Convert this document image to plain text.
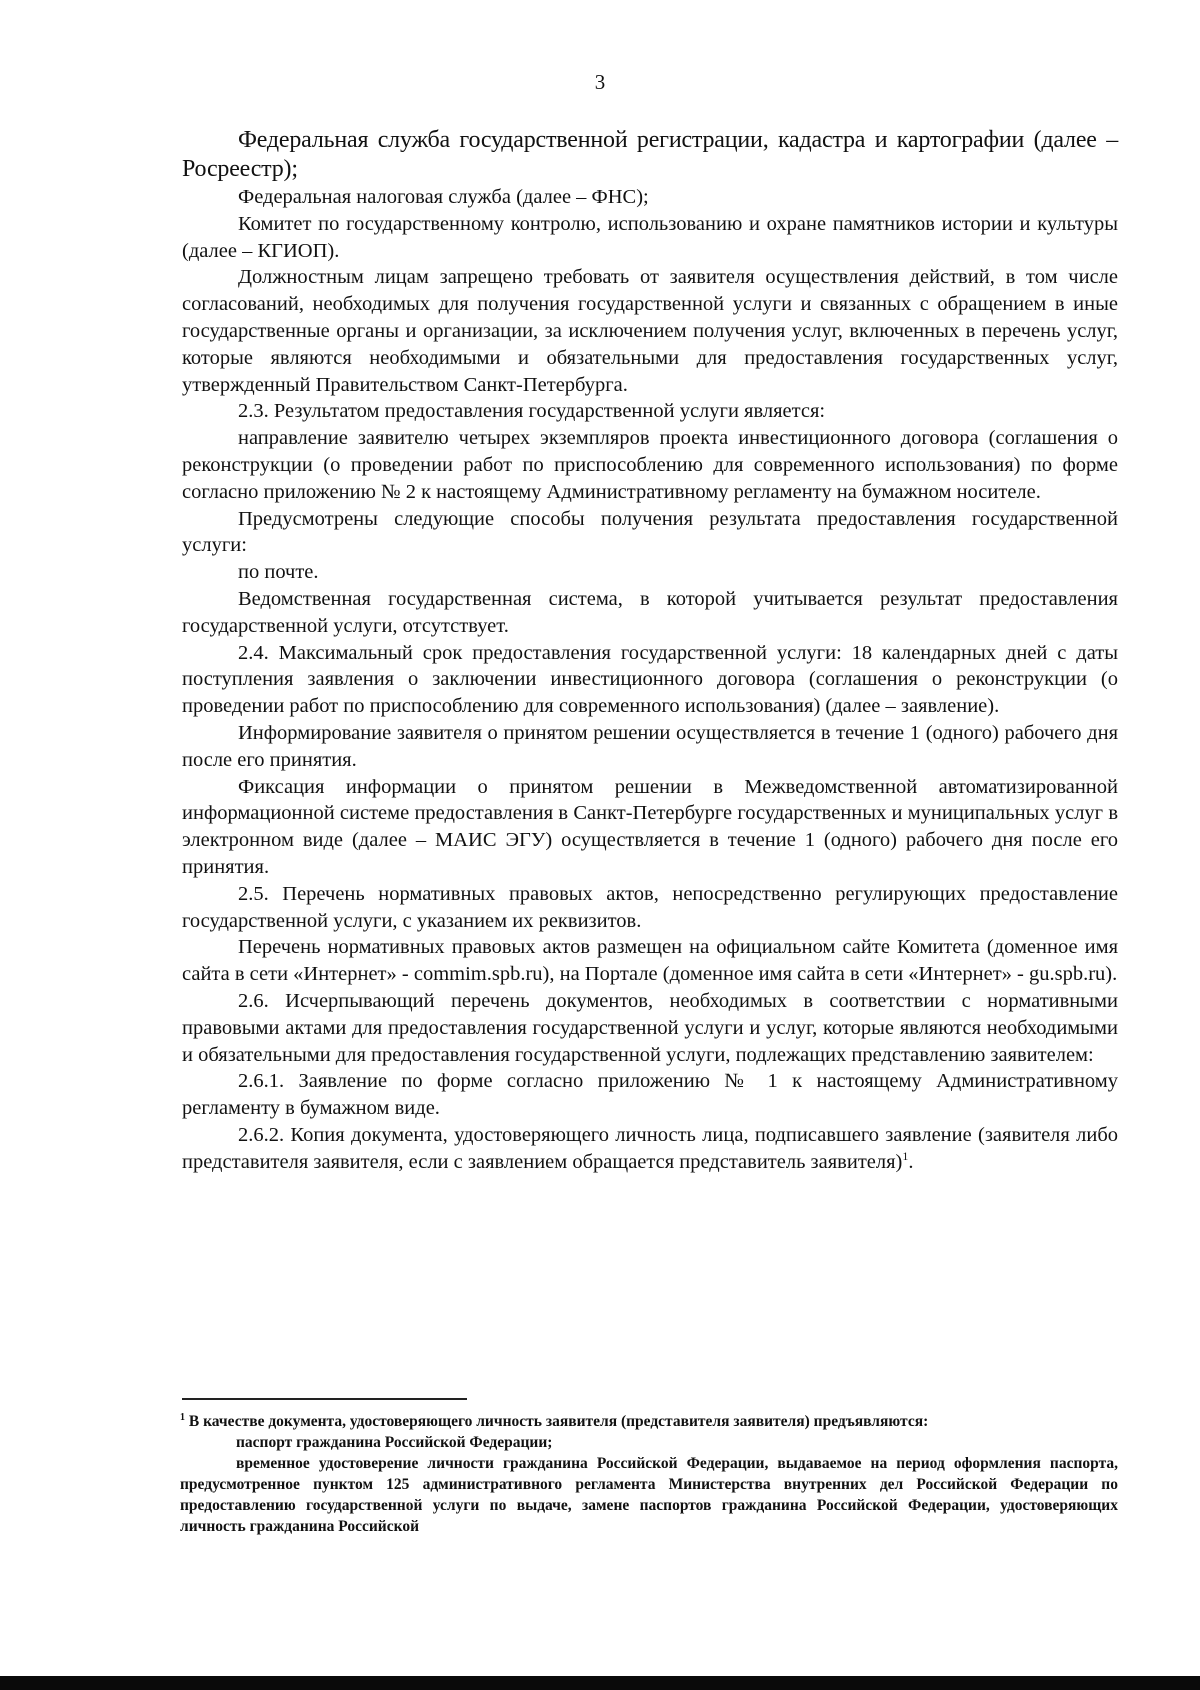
3

Федеральная служба государственной регистрации, кадастра и картографии (далее – Росреестр);

Федеральная налоговая служба (далее – ФНС);

Комитет по государственному контролю, использованию и охране памятников истории и культуры (далее – КГИОП).

Должностным лицам запрещено требовать от заявителя осуществления действий, в том числе согласований, необходимых для получения государственной услуги и связанных с обращением в иные государственные органы и организации, за исключением получения услуг, включенных в перечень услуг, которые являются необходимыми и обязательными для предоставления государственных услуг, утвержденный Правительством Санкт-Петербурга.

2.3. Результатом предоставления государственной услуги является:

направление заявителю четырех экземпляров проекта инвестиционного договора (соглашения о реконструкции (о проведении работ по приспособлению для современного использования) по форме согласно приложению № 2 к настоящему Административному регламенту на бумажном носителе.

Предусмотрены следующие способы получения результата предоставления государственной услуги:

по почте.

Ведомственная государственная система, в которой учитывается результат предоставления государственной услуги, отсутствует.

2.4. Максимальный срок предоставления государственной услуги: 18 календарных дней с даты поступления заявления о заключении инвестиционного договора (соглашения о реконструкции (о проведении работ по приспособлению для современного использования) (далее – заявление).

Информирование заявителя о принятом решении осуществляется в течение 1 (одного) рабочего дня после его принятия.

Фиксация информации о принятом решении в Межведомственной автоматизированной информационной системе предоставления в Санкт-Петербурге государственных и муниципальных услуг в электронном виде (далее – МАИС ЭГУ) осуществляется в течение 1 (одного) рабочего дня после его принятия.

2.5. Перечень нормативных правовых актов, непосредственно регулирующих предоставление государственной услуги, с указанием их реквизитов.

Перечень нормативных правовых актов размещен на официальном сайте Комитета (доменное имя сайта в сети «Интернет» - commim.spb.ru), на Портале (доменное имя сайта в сети «Интернет» - gu.spb.ru).

2.6. Исчерпывающий перечень документов, необходимых в соответствии с нормативными правовыми актами для предоставления государственной услуги и услуг, которые являются необходимыми и обязательными для предоставления государственной услуги, подлежащих представлению заявителем:

2.6.1. Заявление по форме согласно приложению № 1 к настоящему Административному регламенту в бумажном виде.

2.6.2. Копия документа, удостоверяющего личность лица, подписавшего заявление (заявителя либо представителя заявителя, если с заявлением обращается представитель заявителя)$^1$.

$^1$ В качестве документа, удостоверяющего личность заявителя (представителя заявителя) предъявляются:

паспорт гражданина Российской Федерации;

временное удостоверение личности гражданина Российской Федерации, выдаваемое на период оформления паспорта, предусмотренное пунктом 125 административного регламента Министерства внутренних дел Российской Федерации по предоставлению государственной услуги по выдаче, замене паспортов гражданина Российской Федерации, удостоверяющих личность гражданина Российской
